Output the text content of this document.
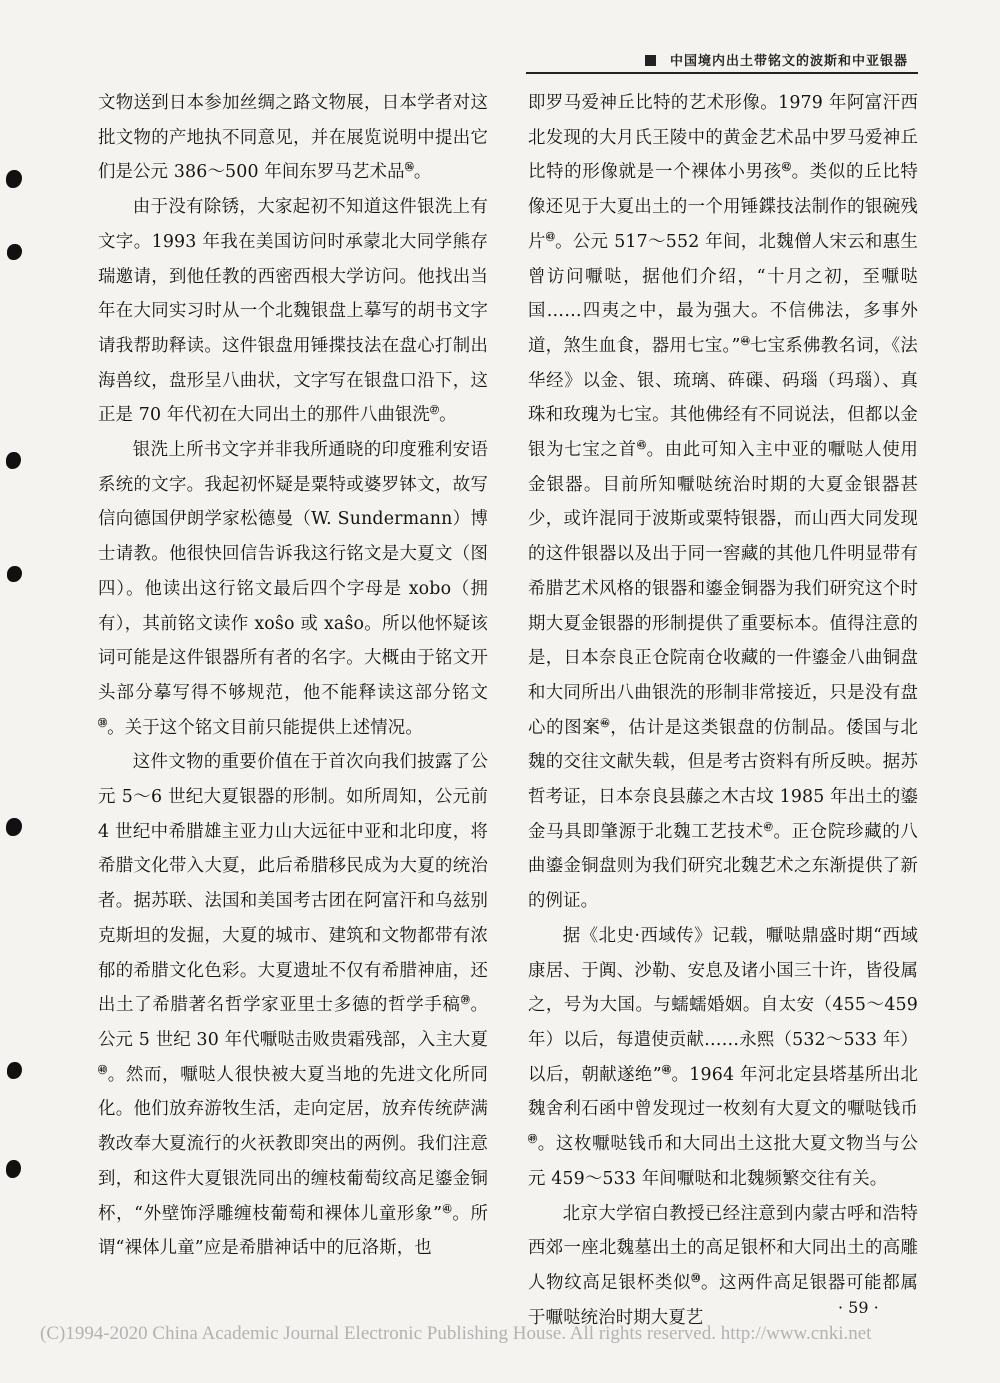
中国境内出土带铭文的波斯和中亚银器

文物送到日本参加丝绸之路文物展，日本学者对这批文物的产地执不同意见，并在展览说明中提出它们是公元 386～500 年间东罗马艺术品$^㊱$。

由于没有除锈，大家起初不知道这件银洗上有文字。1993 年我在美国访问时承蒙北大同学熊存瑞邀请，到他任教的西密西根大学访问。他找出当年在大同实习时从一个北魏银盘上摹写的胡书文字请我帮助释读。这件银盘用锤揲技法在盘心打制出海兽纹，盘形呈八曲状，文字写在银盘口沿下，这正是 70 年代初在大同出土的那件八曲银洗$^㊲$。

银洗上所书文字并非我所通晓的印度雅利安语系统的文字。我起初怀疑是粟特或婆罗钵文，故写信向德国伊朗学家松德曼（W. Sundermann）博士请教。他很快回信告诉我这行铭文是大夏文（图四）。他读出这行铭文最后四个字母是 xobo（拥有），其前铭文读作 xoŝo 或 xaŝo。所以他怀疑该词可能是这件银器所有者的名字。大概由于铭文开头部分摹写得不够规范，他不能释读这部分铭文$^㊳$。关于这个铭文目前只能提供上述情况。

这件文物的重要价值在于首次向我们披露了公元 5～6 世纪大夏银器的形制。如所周知，公元前 4 世纪中希腊雄主亚力山大远征中亚和北印度，将希腊文化带入大夏，此后希腊移民成为大夏的统治者。据苏联、法国和美国考古团在阿富汗和乌兹别克斯坦的发掘，大夏的城市、建筑和文物都带有浓郁的希腊文化色彩。大夏遗址不仅有希腊神庙，还出土了希腊著名哲学家亚里士多德的哲学手稿$^㊴$。公元 5 世纪 30 年代嚈哒击败贵霜残部，入主大夏$^㊵$。然而，嚈哒人很快被大夏当地的先进文化所同化。他们放弃游牧生活，走向定居，放弃传统萨满教改奉大夏流行的火祆教即突出的两例。我们注意到，和这件大夏银洗同出的缠枝葡萄纹高足鎏金铜杯，“外壁饰浮雕缠枝葡萄和裸体儿童形象”$^㊶$。所谓“裸体儿童”应是希腊神话中的厄洛斯，也

即罗马爱神丘比特的艺术形像。1979 年阿富汗西北发现的大月氏王陵中的黄金艺术品中罗马爱神丘比特的形像就是一个裸体小男孩$^㊷$。类似的丘比特像还见于大夏出土的一个用锤鍱技法制作的银碗残片$^㊸$。公元 517～552 年间，北魏僧人宋云和惠生曾访问嚈哒，据他们介绍，“十月之初，至嚈哒国……四夷之中，最为强大。不信佛法，多事外道，煞生血食，器用七宝。”$^㊹$七宝系佛教名词，《法华经》以金、银、琉璃、砗磲、码瑙（玛瑙）、真珠和玫瑰为七宝。其他佛经有不同说法，但都以金银为七宝之首$^㊺$。由此可知入主中亚的嚈哒人使用金银器。目前所知嚈哒统治时期的大夏金银器甚少，或许混同于波斯或粟特银器，而山西大同发现的这件银器以及出于同一窖藏的其他几件明显带有希腊艺术风格的银器和鎏金铜器为我们研究这个时期大夏金银器的形制提供了重要标本。值得注意的是，日本奈良正仓院南仓收藏的一件鎏金八曲铜盘和大同所出八曲银洗的形制非常接近，只是没有盘心的图案$^㊻$，估计是这类银盘的仿制品。倭国与北魏的交往文献失载，但是考古资料有所反映。据苏哲考证，日本奈良县藤之木古坟 1985 年出土的鎏金马具即肇源于北魏工艺技术$^㊼$。正仓院珍藏的八曲鎏金铜盘则为我们研究北魏艺术之东渐提供了新的例证。

据《北史·西域传》记载，嚈哒鼎盛时期“西域康居、于阗、沙勒、安息及诸小国三十许，皆役属之，号为大国。与蠕蠕婚姻。自太安（455～459 年）以后，每遣使贡献……永熙（532～533 年）以后，朝献遂绝”$^㊽$。1964 年河北定县塔基所出北魏舍利石函中曾发现过一枚刻有大夏文的嚈哒钱币$^㊾$。这枚嚈哒钱币和大同出土这批大夏文物当与公元 459～533 年间嚈哒和北魏频繁交往有关。

北京大学宿白教授已经注意到内蒙古呼和浩特西郊一座北魏墓出土的高足银杯和大同出土的高雕人物纹高足银杯类似$^㊿$。这两件高足银器可能都属于嚈哒统治时期大夏艺

· 59 ·
(C)1994-2020 China Academic Journal Electronic Publishing House. All rights reserved. http://www.cnki.net
